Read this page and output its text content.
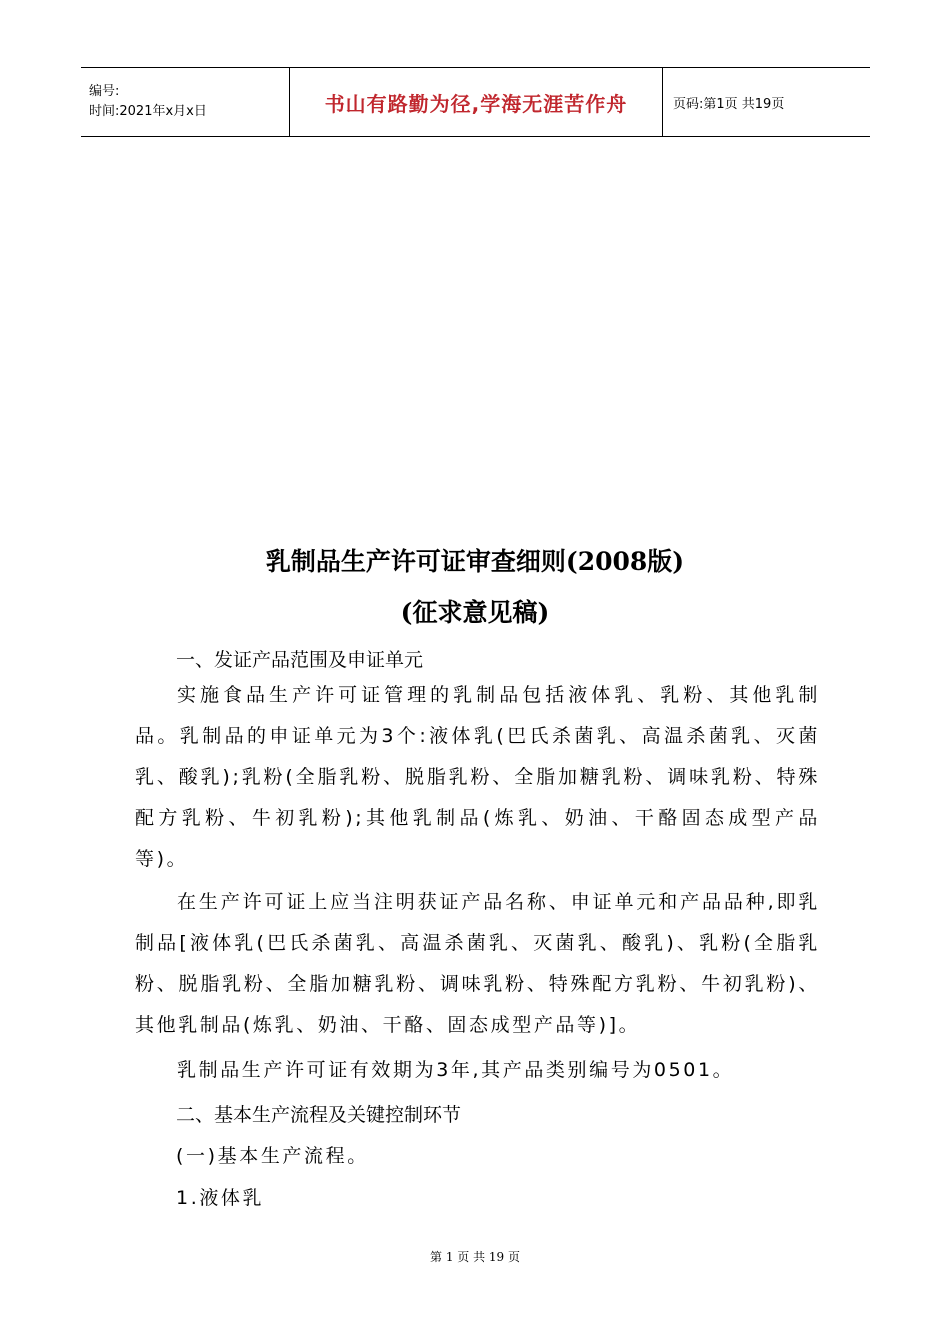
编号:
时间:2021年x月x日	书山有路勤为径,学海无涯苦作舟	页码:第1页 共19页
乳制品生产许可证审查细则(2008版)
(征求意见稿)
一、发证产品范围及申证单元
实施食品生产许可证管理的乳制品包括液体乳、乳粉、其他乳制品。乳制品的申证单元为3个:液体乳(巴氏杀菌乳、高温杀菌乳、灭菌乳、酸乳);乳粉(全脂乳粉、脱脂乳粉、全脂加糖乳粉、调味乳粉、特殊配方乳粉、牛初乳粉);其他乳制品(炼乳、奶油、干酪固态成型产品等)。
在生产许可证上应当注明获证产品名称、申证单元和产品品种,即乳制品[液体乳(巴氏杀菌乳、高温杀菌乳、灭菌乳、酸乳)、乳粉(全脂乳粉、脱脂乳粉、全脂加糖乳粉、调味乳粉、特殊配方乳粉、牛初乳粉)、其他乳制品(炼乳、奶油、干酪、固态成型产品等)]。
乳制品生产许可证有效期为3年,其产品类别编号为0501。
二、基本生产流程及关键控制环节
(一)基本生产流程。
1.液体乳
第 1 页 共 19 页
